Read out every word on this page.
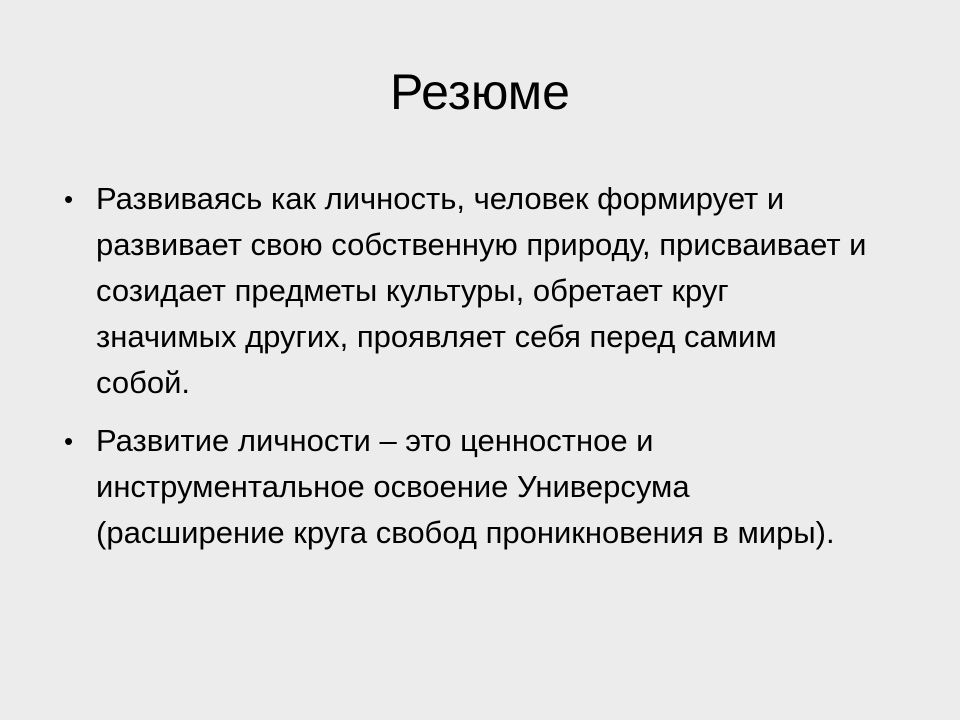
Резюме
• Развиваясь как личность, человек формирует и развивает свою собственную природу, присваивает и созидает предметы культуры, обретает круг значимых других, проявляет себя перед самим собой.
• Развитие личности – это ценностное и инструментальное освоение Универсума (расширение круга свобод проникновения в миры).
